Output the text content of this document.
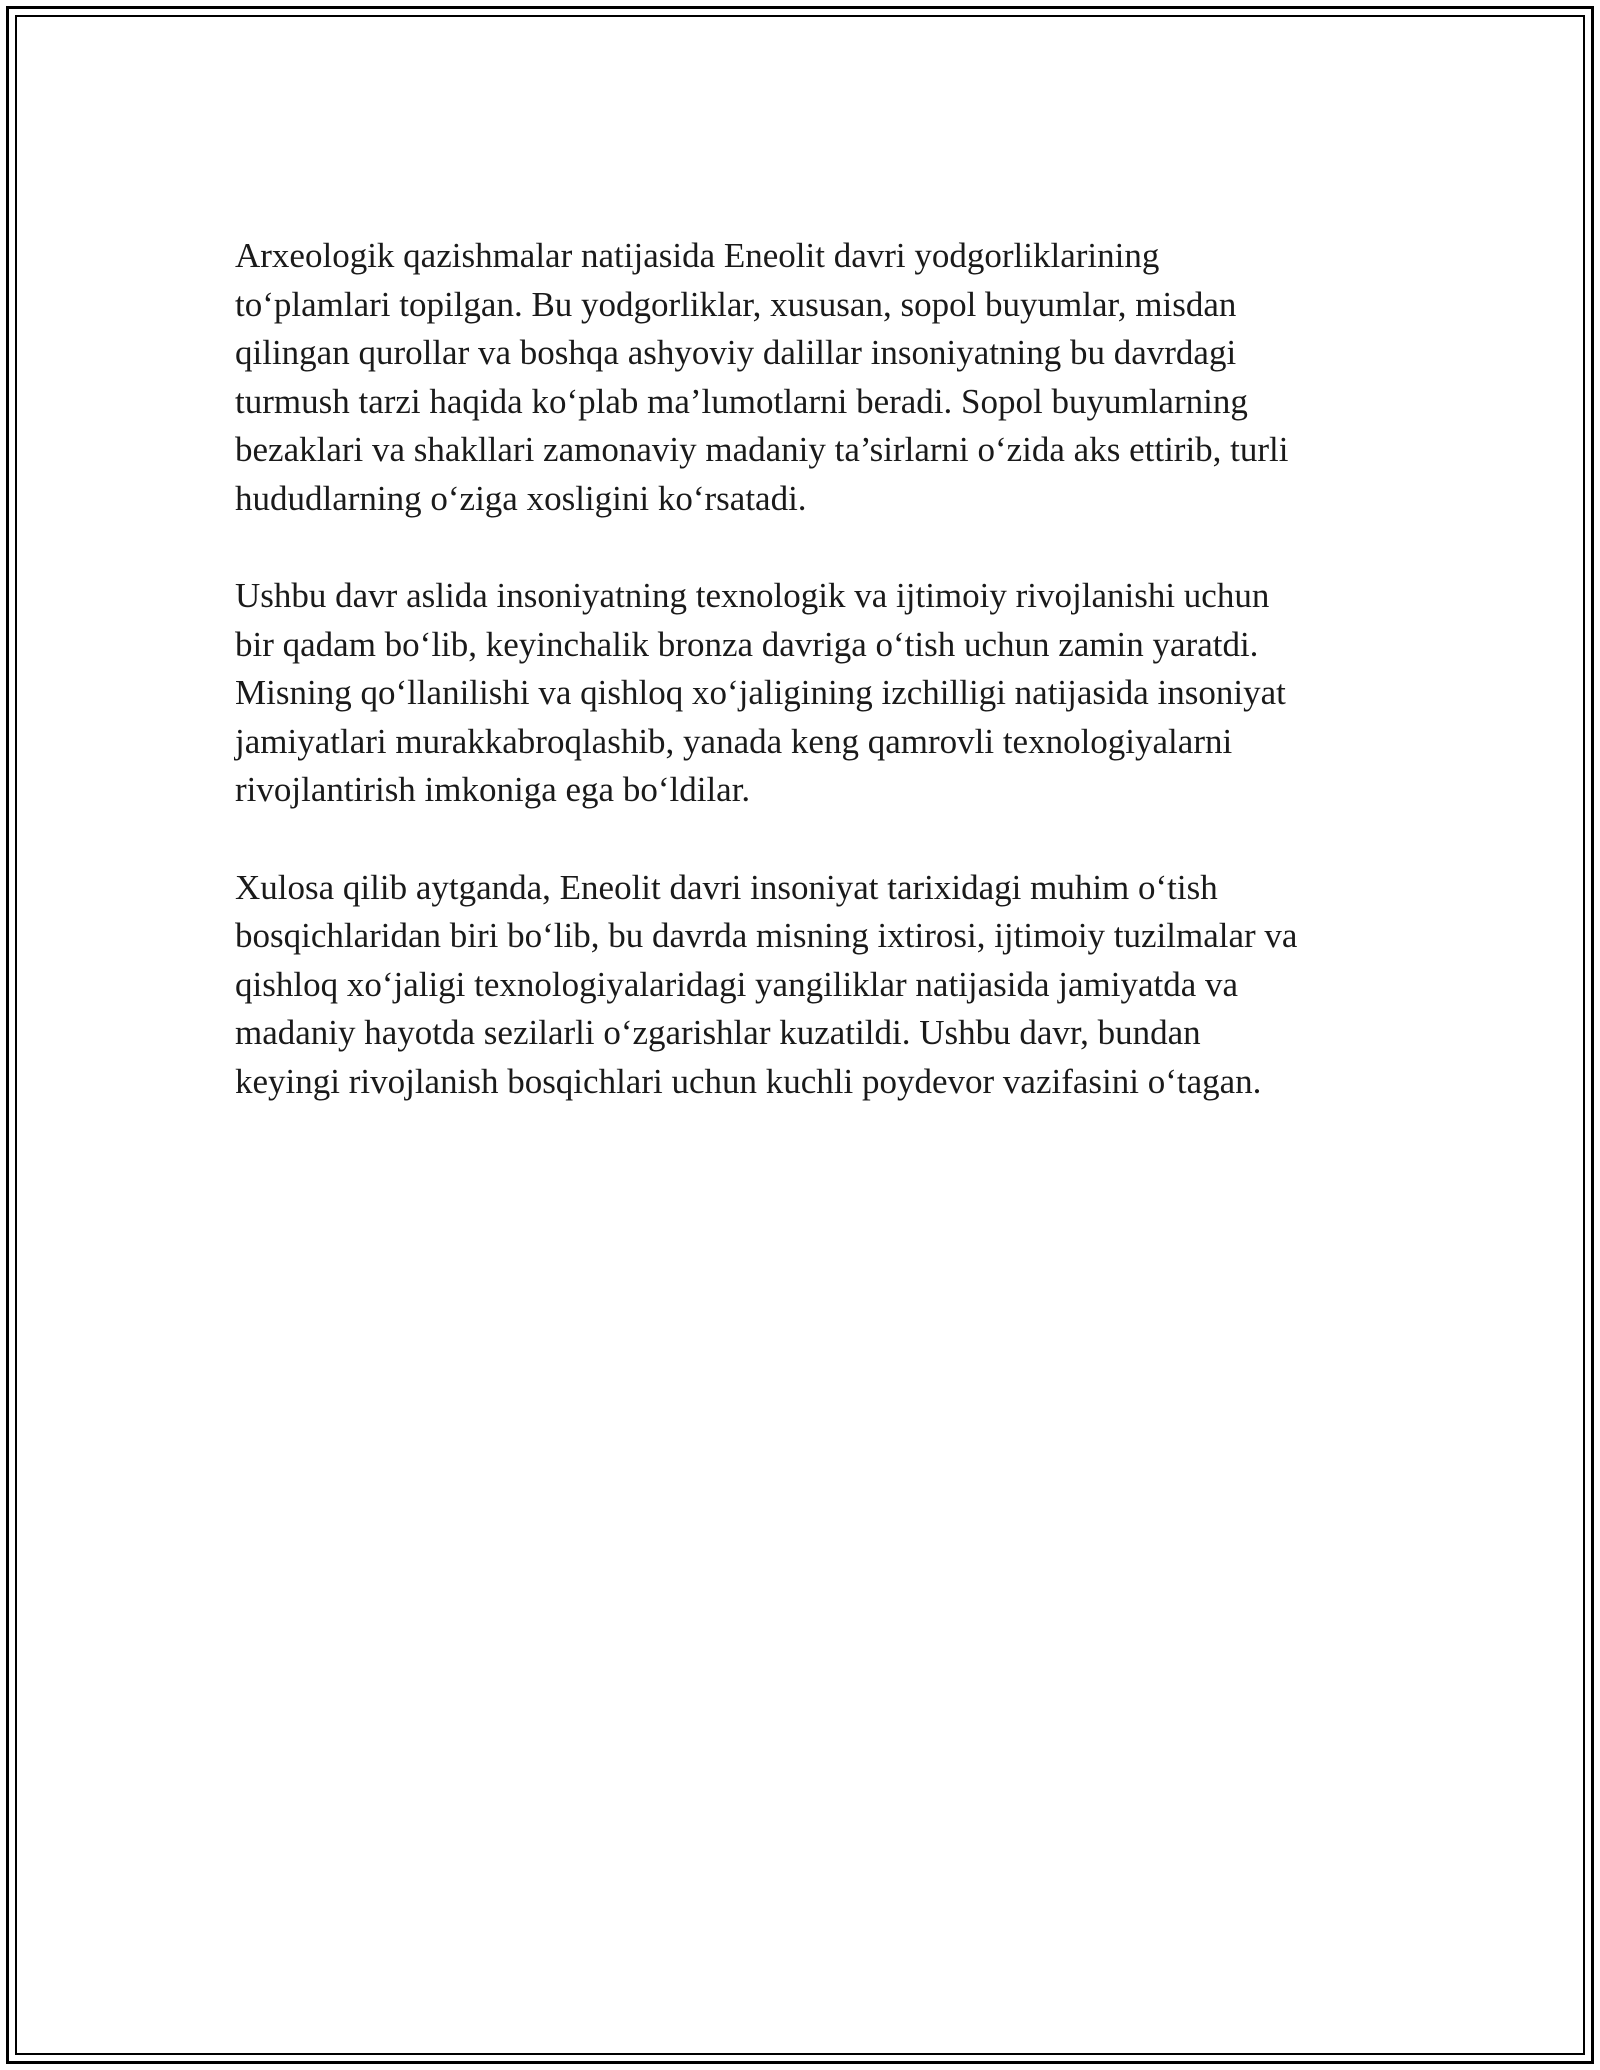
Arxeologik qazishmalar natijasida Eneolit davri yodgorliklarining
to‘plamlari topilgan. Bu yodgorliklar, xususan, sopol buyumlar, misdan
qilingan qurollar va boshqa ashyoviy dalillar insoniyatning bu davrdagi
turmush tarzi haqida ko‘plab ma’lumotlarni beradi. Sopol buyumlarning
bezaklari va shakllari zamonaviy madaniy ta’sirlarni o‘zida aks ettirib, turli
hududlarning o‘ziga xosligini ko‘rsatadi.

Ushbu davr aslida insoniyatning texnologik va ijtimoiy rivojlanishi uchun
bir qadam bo‘lib, keyinchalik bronza davriga o‘tish uchun zamin yaratdi.
Misning qo‘llanilishi va qishloq xo‘jaligining izchilligi natijasida insoniyat
jamiyatlari murakkabroqlashib, yanada keng qamrovli texnologiyalarni
rivojlantirish imkoniga ega bo‘ldilar.

Xulosa qilib aytganda, Eneolit davri insoniyat tarixidagi muhim o‘tish
bosqichlaridan biri bo‘lib, bu davrda misning ixtirosi, ijtimoiy tuzilmalar va
qishloq xo‘jaligi texnologiyalaridagi yangiliklar natijasida jamiyatda va
madaniy hayotda sezilarli o‘zgarishlar kuzatildi. Ushbu davr, bundan
keyingi rivojlanish bosqichlari uchun kuchli poydevor vazifasini o‘tagan.
